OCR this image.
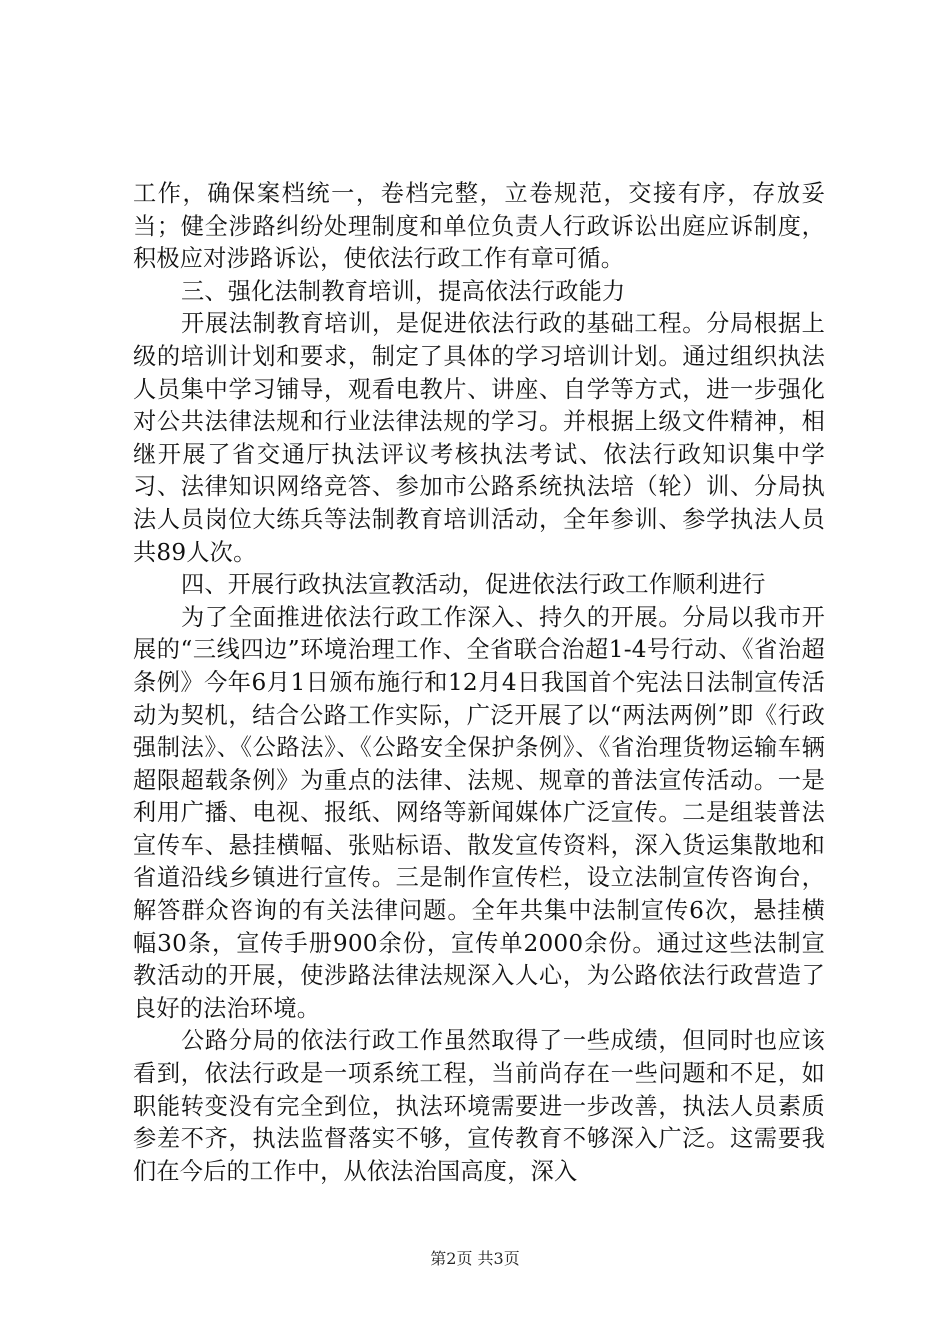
工作，确保案档统一，卷档完整，立卷规范，交接有序，存放妥当；健全涉路纠纷处理制度和单位负责人行政诉讼出庭应诉制度，积极应对涉路诉讼，使依法行政工作有章可循。

三、强化法制教育培训，提高依法行政能力

开展法制教育培训，是促进依法行政的基础工程。分局根据上级的培训计划和要求，制定了具体的学习培训计划。通过组织执法人员集中学习铺导，观看电教片、讲座、自学等方式，进一步强化对公共法律法规和行业法律法规的学习。并根据上级文件精神，相继开展了省交通厅执法评议考核执法考试、依法行政知识集中学习、法律知识网络竞答、参加市公路系统执法培（轮）训、分局执法人员岗位大练兵等法制教育培训活动，全年参训、参学执法人员共89人次。

四、开展行政执法宣教活动，促进依法行政工作顺利进行

为了全面推进依法行政工作深入、持久的开展。分局以我市开展的“三线四边”环境治理工作、全省联合治超1-4号行动、《省治超条例》今年6月1日颁布施行和12月4日我国首个宪法日法制宣传活动为契机，结合公路工作实际，广泛开展了以“两法两例”即《行政强制法》、《公路法》、《公路安全保护条例》、《省治理货物运输车辆超限超载条例》为重点的法律、法规、规章的普法宣传活动。一是利用广播、电视、报纸、网络等新闻媒体广泛宣传。二是组装普法宣传车、悬挂横幅、张贴标语、散发宣传资料，深入货运集散地和省道沿线乡镇进行宣传。三是制作宣传栏，设立法制宣传咨询台，解答群众咨询的有关法律问题。全年共集中法制宣传6次，悬挂横幅30条，宣传手册900余份，宣传单2000余份。通过这些法制宣教活动的开展，使涉路法律法规深入人心，为公路依法行政营造了良好的法治环境。

公路分局的依法行政工作虽然取得了一些成绩，但同时也应该看到，依法行政是一项系统工程，当前尚存在一些问题和不足，如职能转变没有完全到位，执法环境需要进一步改善，执法人员素质参差不齐，执法监督落实不够，宣传教育不够深入广泛。这需要我们在今后的工作中，从依法治国高度，深入

第2页 共3页
